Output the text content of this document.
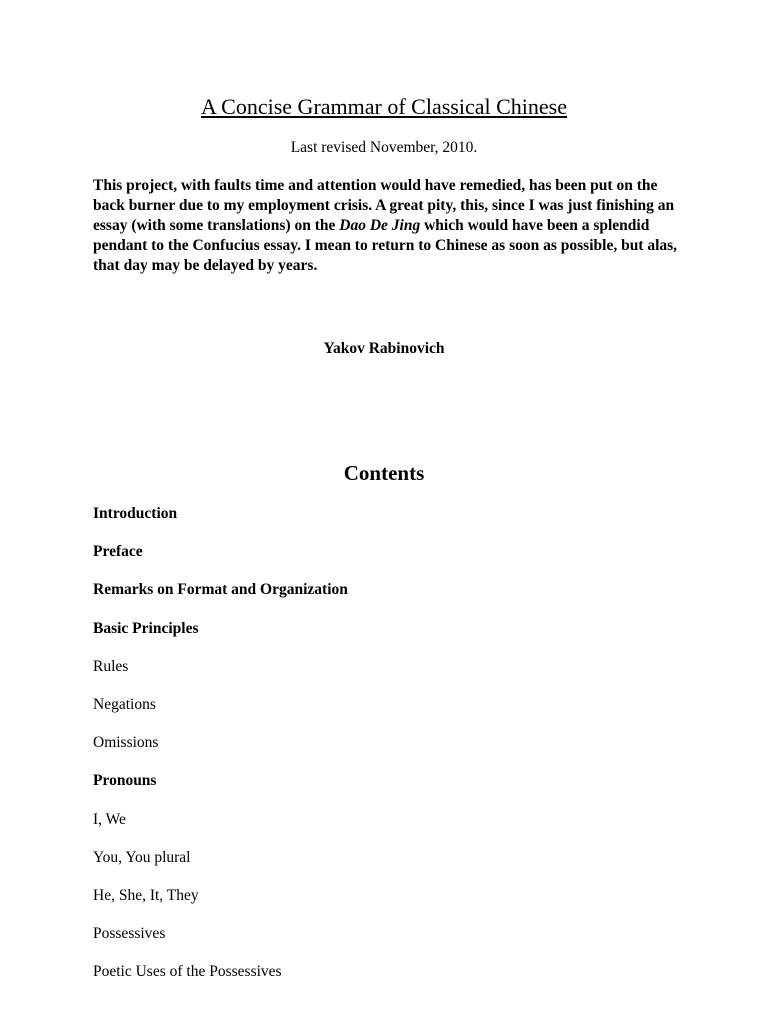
A Concise Grammar of Classical Chinese
Last revised November, 2010.

This project, with faults time and attention would have remedied, has been put on the back burner due to my employment crisis. A great pity, this, since I was just finishing an essay (with some translations) on the Dao De Jing which would have been a splendid pendant to the Confucius essay. I mean to return to Chinese as soon as possible, but alas, that day may be delayed by years.

Yakov Rabinovich
Contents
Introduction
Preface
Remarks on Format and Organization
Basic Principles
Rules
Negations
Omissions
Pronouns
I, We
You, You plural
He, She, It, They
Possessives
Poetic Uses of the Possessives
